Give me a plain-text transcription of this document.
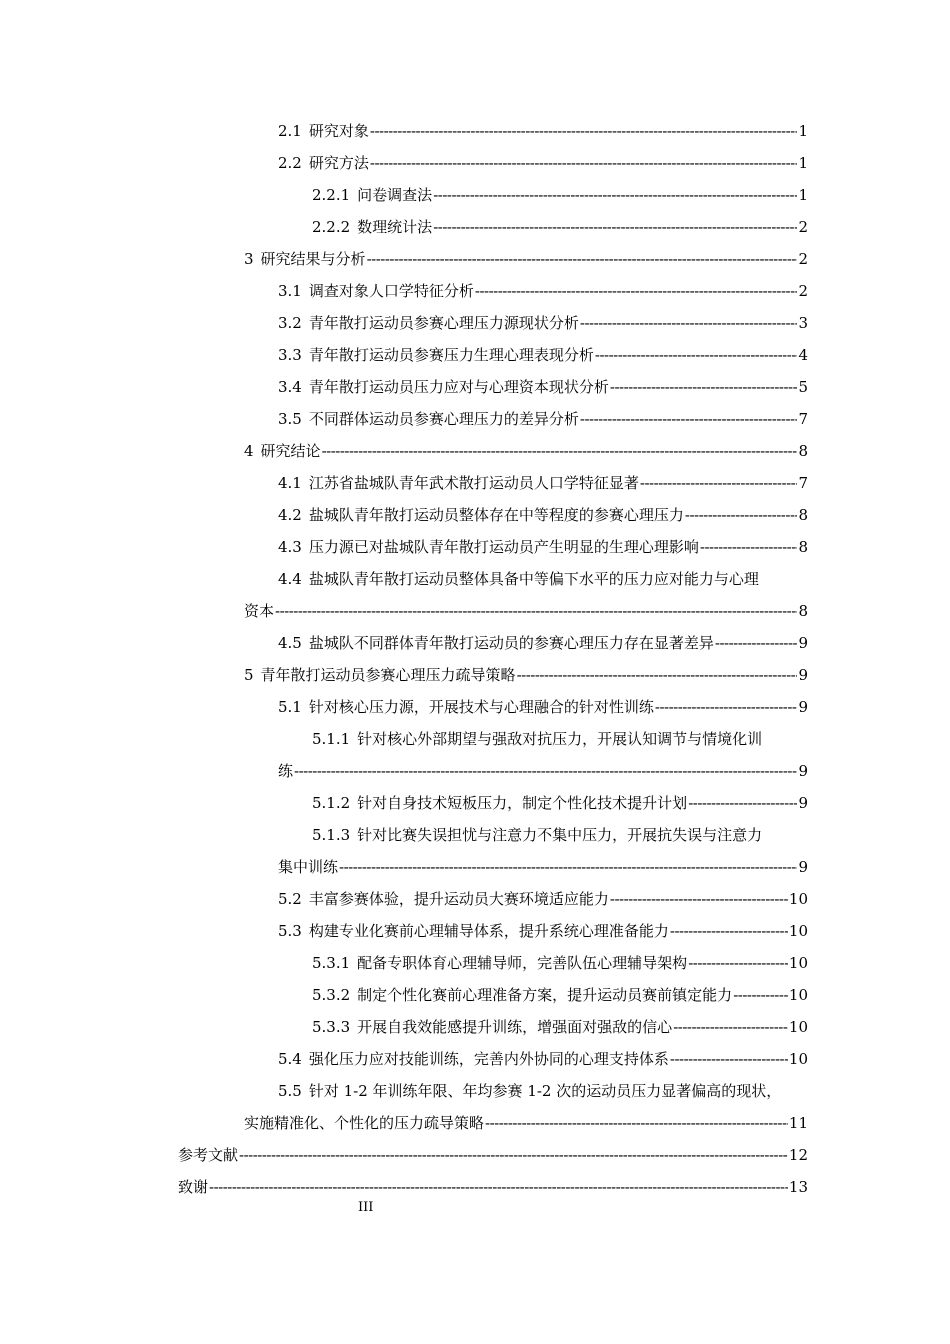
2.1 研究对象 -----	1
2.2 研究方法 -----	1
2.2.1 问卷调查法 -----	1
2.2.2 数理统计法 -----	2
3 研究结果与分析 -----	2
3.1 调查对象人口学特征分析 -----	2
3.2 青年散打运动员参赛心理压力源现状分析 -----	3
3.3 青年散打运动员参赛压力生理心理表现分析 -----	4
3.4 青年散打运动员压力应对与心理资本现状分析 -----	5
3.5 不同群体运动员参赛心理压力的差异分析 -----	7
4 研究结论 -----	8
4.1 江苏省盐城队青年武术散打运动员人口学特征显著 -----	7
4.2 盐城队青年散打运动员整体存在中等程度的参赛心理压力 -----	8
4.3 压力源已对盐城队青年散打运动员产生明显的生理心理影响 -----	8
4.4 盐城队青年散打运动员整体具备中等偏下水平的压力应对能力与心理
资本 -----	8
4.5 盐城队不同群体青年散打运动员的参赛心理压力存在显著差异 -----	9
5 青年散打运动员参赛心理压力疏导策略 -----	9
5.1 针对核心压力源，开展技术与心理融合的针对性训练 -----	9
5.1.1 针对核心外部期望与强敌对抗压力，开展认知调节与情境化训
练 -----	9
5.1.2 针对自身技术短板压力，制定个性化技术提升计划 -----	9
5.1.3 针对比赛失误担忧与注意力不集中压力，开展抗失误与注意力
集中训练 -----	9
5.2 丰富参赛体验，提升运动员大赛环境适应能力 -----	10
5.3 构建专业化赛前心理辅导体系，提升系统心理准备能力 -----	10
5.3.1 配备专职体育心理辅导师，完善队伍心理辅导架构 -----	10
5.3.2 制定个性化赛前心理准备方案，提升运动员赛前镇定能力 -----	10
5.3.3 开展自我效能感提升训练，增强面对强敌的信心 -----	10
5.4 强化压力应对技能训练，完善内外协同的心理支持体系 -----	10
5.5 针对 1-2 年训练年限、年均参赛 1-2 次的运动员压力显著偏高的现状，
实施精准化、个性化的压力疏导策略 -----	11
参考文献 -----	12
致谢 -----	13
III
